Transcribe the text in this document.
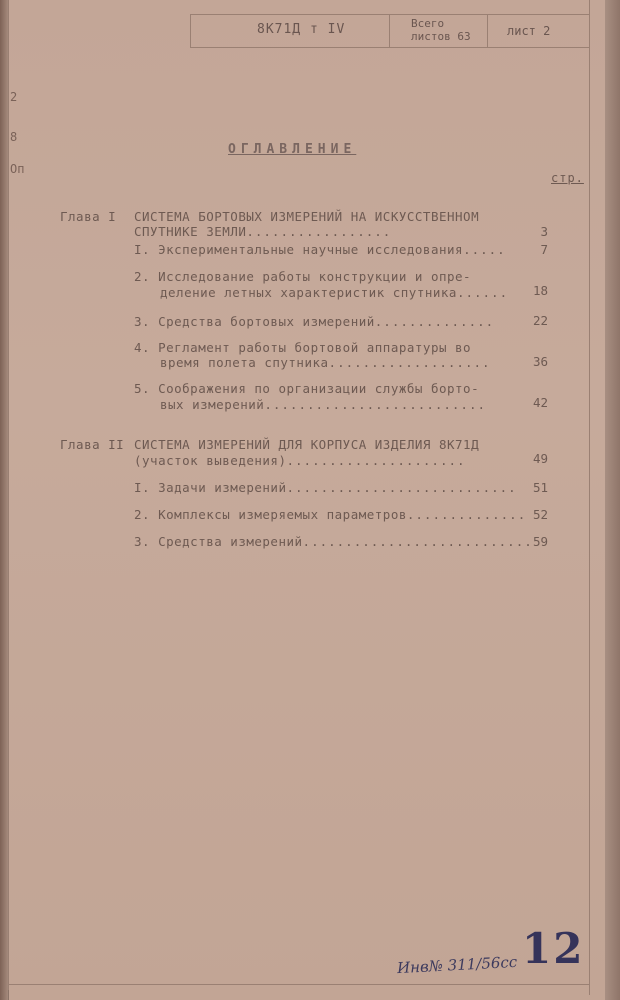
8К71Д т IV	Всего
листов 63	лист 2
2
8
Оп
ОГЛАВЛЕНИЕ
стр.
Глава I СИСТЕМА БОРТОВЫХ ИЗМЕРЕНИЙ НА ИСКУССТВЕННОМ
СПУТНИКЕ ЗЕМЛИ.................	3
I. Экспериментальные научные исследования.....	7
2. Исследование работы конструкции и опре-
деление летных характеристик спутника......	18
3. Средства бортовых измерений..............	22
4. Регламент работы бортовой аппаратуры во
время полета спутника...................	36
5. Соображения по организации службы борто-
вых измерений..........................	42
Глава II СИСТЕМА ИЗМЕРЕНИЙ ДЛЯ КОРПУСА ИЗДЕЛИЯ 8К71Д
(участок выведения).....................	49
I. Задачи измерений...........................	51
2. Комплексы измеряемых параметров.............. 52
3. Средства измерений........................... 59
Инв№ 311/56сс 12
